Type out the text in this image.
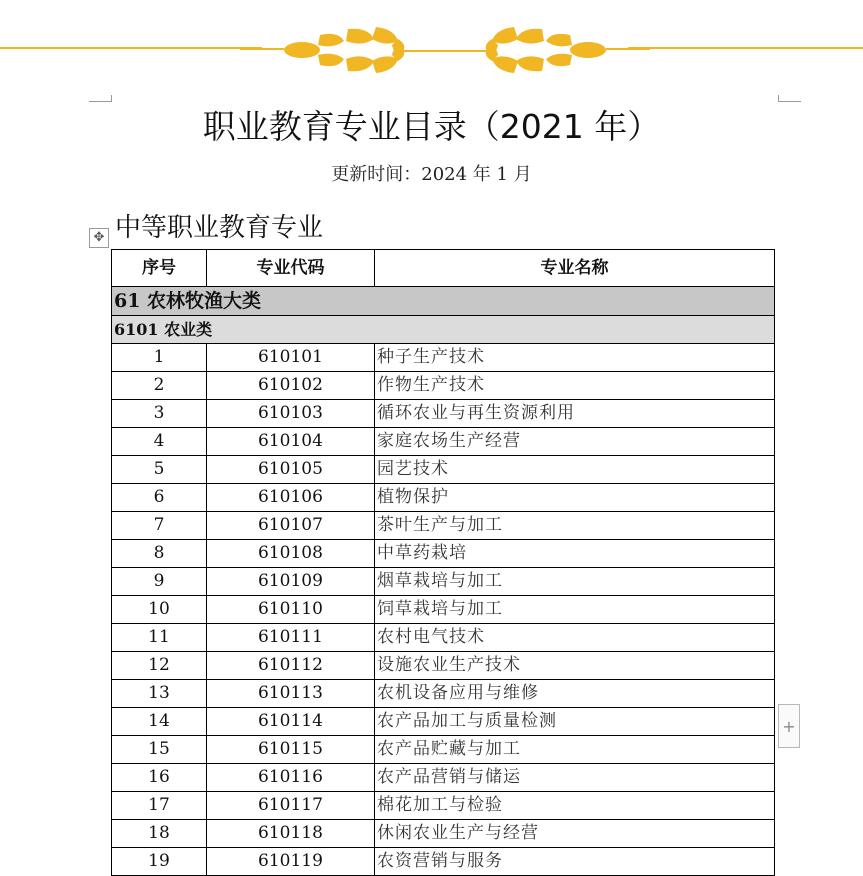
职业教育专业目录（2021 年）
更新时间：2024 年 1 月
✥ 中等职业教育专业
序号	专业代码	专业名称
61 农林牧渔大类		
6101 农业类		
1	610101	种子生产技术
2	610102	作物生产技术
3	610103	循环农业与再生资源利用
4	610104	家庭农场生产经营
5	610105	园艺技术
6	610106	植物保护
7	610107	茶叶生产与加工
8	610108	中草药栽培
9	610109	烟草栽培与加工
10	610110	饲草栽培与加工
11	610111	农村电气技术
12	610112	设施农业生产技术
13	610113	农机设备应用与维修
14	610114	农产品加工与质量检测
15	610115	农产品贮藏与加工
16	610116	农产品营销与储运
17	610117	棉花加工与检验
18	610118	休闲农业生产与经营
19	610119	农资营销与服务
+
